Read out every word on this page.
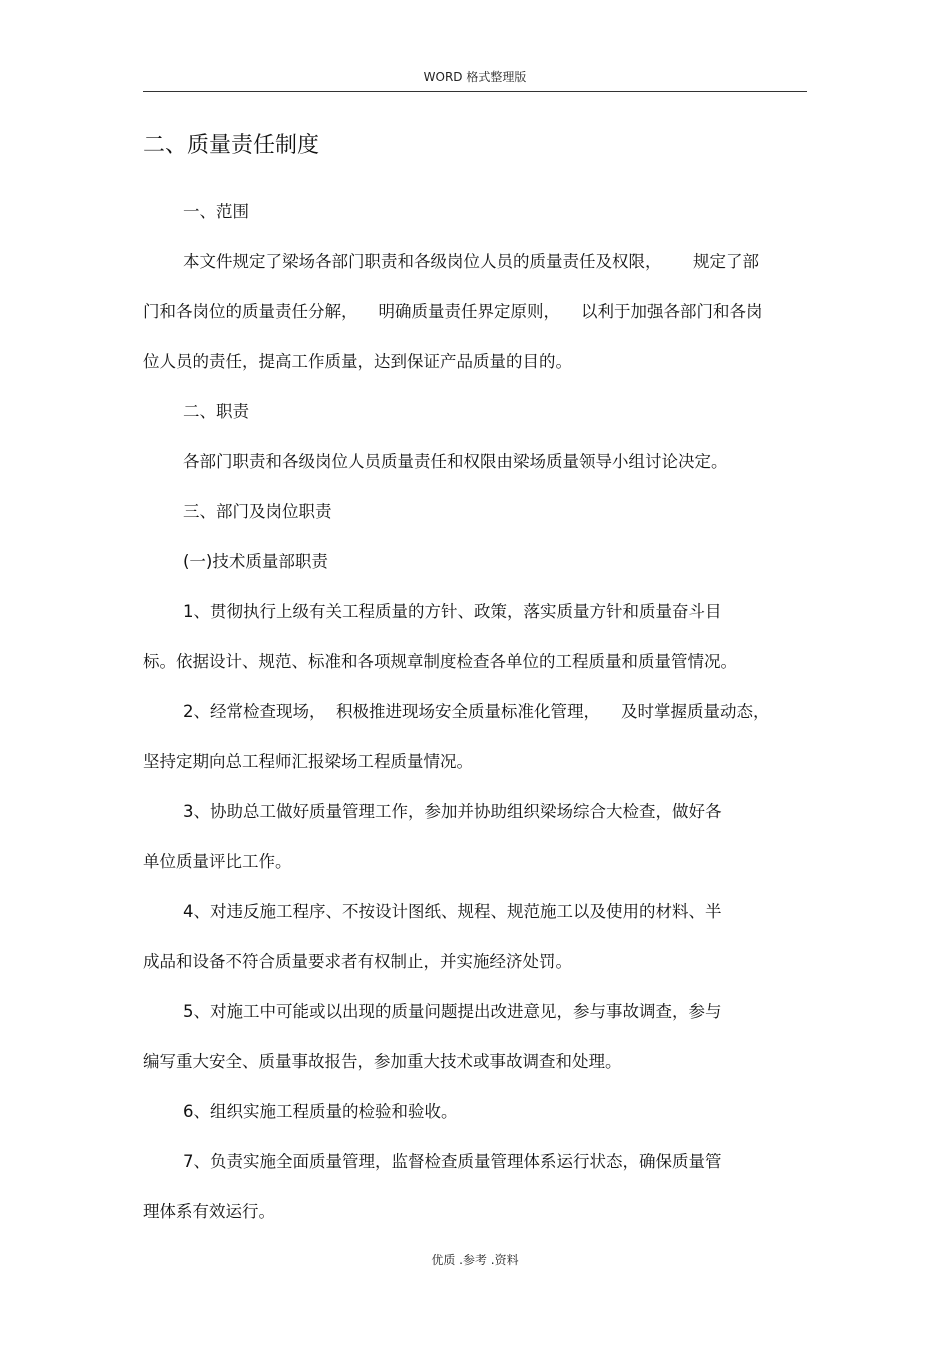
WORD 格式整理版
二、质量责任制度
一、范围
本文件规定了梁场各部门职责和各级岗位人员的质量责任及权限，      规定了部
门和各岗位的质量责任分解，    明确质量责任界定原则，    以利于加强各部门和各岗
位人员的责任，提高工作质量，达到保证产品质量的目的。
二、职责
各部门职责和各级岗位人员质量责任和权限由梁场质量领导小组讨论决定。
三、部门及岗位职责
(一)技术质量部职责
1、贯彻执行上级有关工程质量的方针、政策，落实质量方针和质量奋斗目
标。依据设计、规范、标准和各项规章制度检查各单位的工程质量和质量管情况。
2、经常检查现场，  积极推进现场安全质量标准化管理，    及时掌握质量动态，
坚持定期向总工程师汇报梁场工程质量情况。
3、协助总工做好质量管理工作，参加并协助组织梁场综合大检查，做好各
单位质量评比工作。
4、对违反施工程序、不按设计图纸、规程、规范施工以及使用的材料、半
成品和设备不符合质量要求者有权制止，并实施经济处罚。
5、对施工中可能或以出现的质量问题提出改进意见，参与事故调查，参与
编写重大安全、质量事故报告，参加重大技术或事故调查和处理。
6、组织实施工程质量的检验和验收。
7、负责实施全面质量管理，监督检查质量管理体系运行状态，确保质量管
理体系有效运行。
优质 .参考 .资料
